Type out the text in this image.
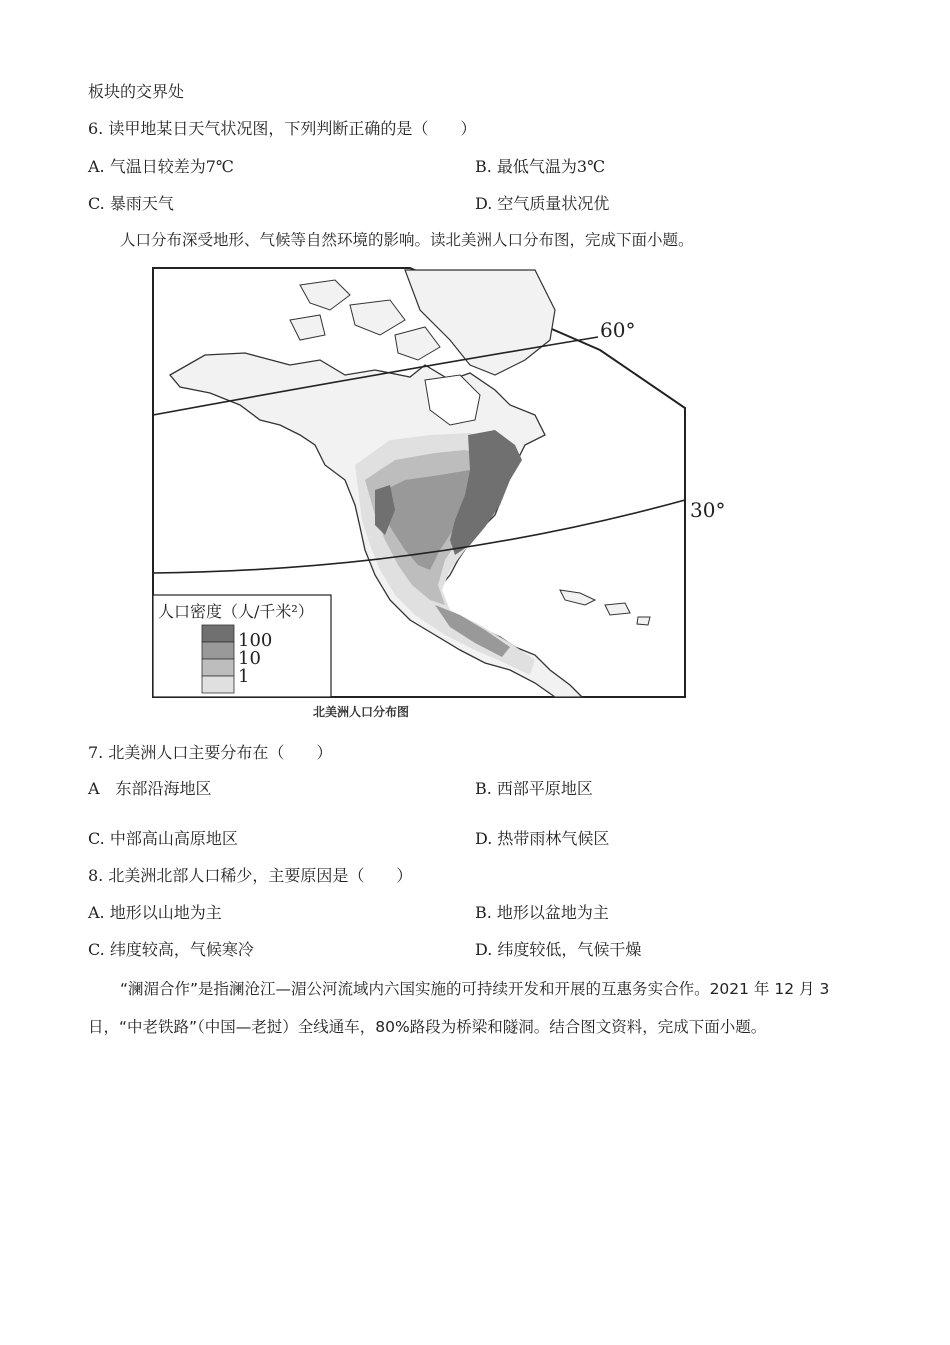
板块的交界处
6. 读甲地某日天气状况图，下列判断正确的是（　　）
A. 气温日较差为7℃	B. 最低气温为3℃
C. 暴雨天气	D. 空气质量状况优
人口分布深受地形、气候等自然环境的影响。读北美洲人口分布图，完成下面小题。
60°
30°
人口密度（人/千米²）
100
10
1
北美洲人口分布图
7. 北美洲人口主要分布在（　　）
A　东部沿海地区	B. 西部平原地区
C. 中部高山高原地区	D. 热带雨林气候区
8. 北美洲北部人口稀少，主要原因是（　　）
A. 地形以山地为主	B. 地形以盆地为主
C. 纬度较高，气候寒冷	D. 纬度较低，气候干燥
“澜湄合作”是指澜沧江—湄公河流域内六国实施的可持续开发和开展的互惠务实合作。2021 年 12 月 3 日，“中老铁路”（中国—老挝）全线通车，80%路段为桥梁和隧洞。结合图文资料，完成下面小题。
